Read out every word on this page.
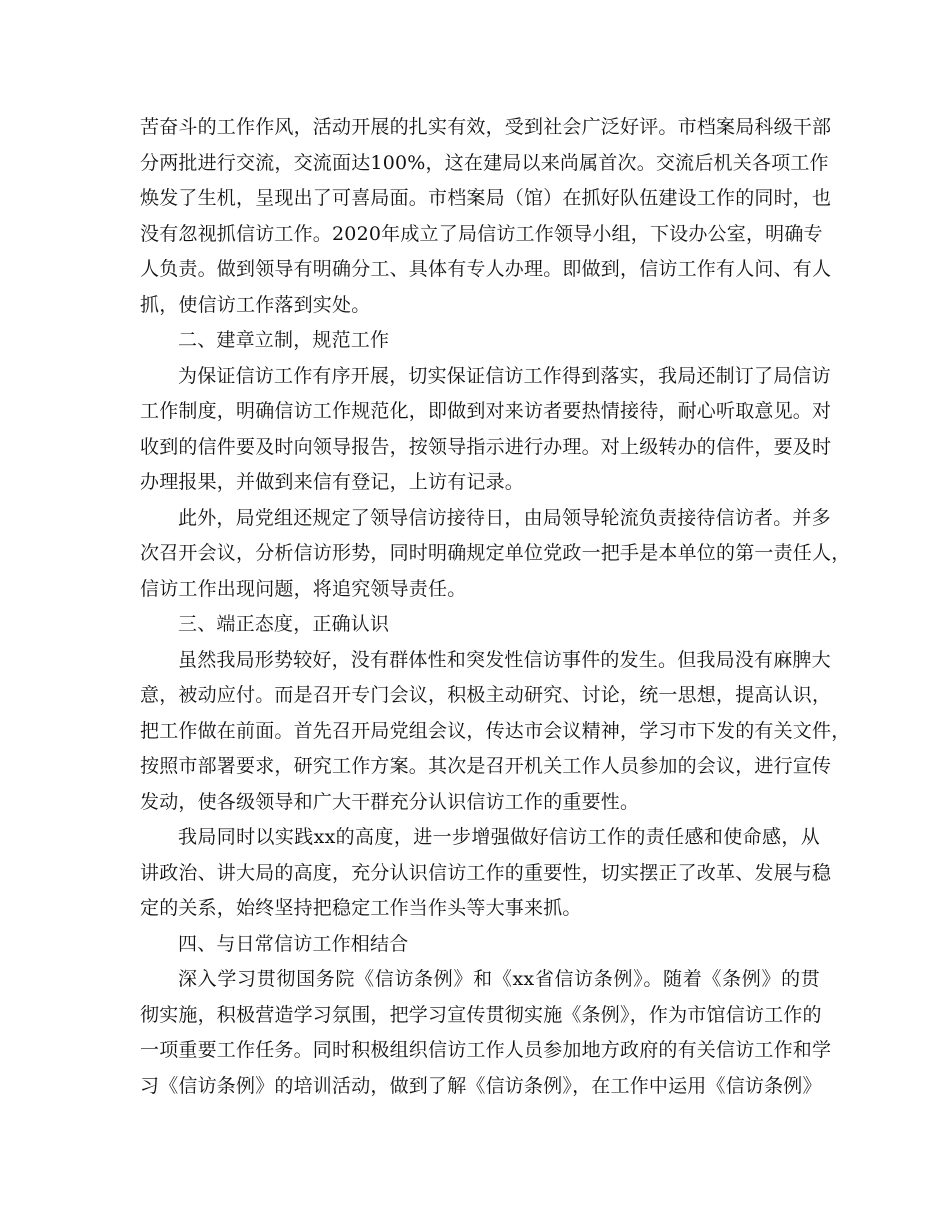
苦奋斗的工作作风，活动开展的扎实有效，受到社会广泛好评。市档案局科级干部
分两批进行交流，交流面达100%，这在建局以来尚属首次。交流后机关各项工作
焕发了生机，呈现出了可喜局面。市档案局（馆）在抓好队伍建设工作的同时，也
没有忽视抓信访工作。2020年成立了局信访工作领导小组，下设办公室，明确专
人负责。做到领导有明确分工、具体有专人办理。即做到，信访工作有人问、有人
抓，使信访工作落到实处。
二、建章立制，规范工作
为保证信访工作有序开展，切实保证信访工作得到落实，我局还制订了局信访
工作制度，明确信访工作规范化，即做到对来访者要热情接待，耐心听取意见。对
收到的信件要及时向领导报告，按领导指示进行办理。对上级转办的信件，要及时
办理报果，并做到来信有登记，上访有记录。
此外，局党组还规定了领导信访接待日，由局领导轮流负责接待信访者。并多
次召开会议，分析信访形势，同时明确规定单位党政一把手是本单位的第一责任人，
信访工作出现问题，将追究领导责任。
三、端正态度，正确认识
虽然我局形势较好，没有群体性和突发性信访事件的发生。但我局没有麻脾大
意，被动应付。而是召开专门会议，积极主动研究、讨论，统一思想，提高认识，
把工作做在前面。首先召开局党组会议，传达市会议精神，学习市下发的有关文件，
按照市部署要求，研究工作方案。其次是召开机关工作人员参加的会议，进行宣传
发动，使各级领导和广大干群充分认识信访工作的重要性。
我局同时以实践xx的高度，进一步增强做好信访工作的责任感和使命感，从
讲政治、讲大局的高度，充分认识信访工作的重要性，切实摆正了改革、发展与稳
定的关系，始终坚持把稳定工作当作头等大事来抓。
四、与日常信访工作相结合
深入学习贯彻国务院《信访条例》和《xx省信访条例》。随着《条例》的贯
彻实施，积极营造学习氛围，把学习宣传贯彻实施《条例》，作为市馆信访工作的
一项重要工作任务。同时积极组织信访工作人员参加地方政府的有关信访工作和学
习《信访条例》的培训活动，做到了解《信访条例》，在工作中运用《信访条例》
